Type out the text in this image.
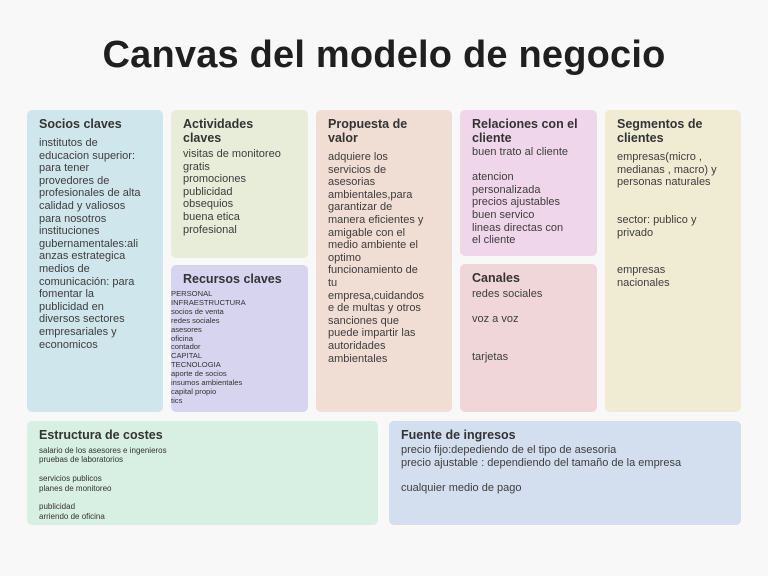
Canvas del modelo de negocio
Socios claves
institutos de
educacion superior:
para tener
provedores de
profesionales de alta
calidad y valiosos
para nosotros
instituciones
gubernamentales:ali
anzas estrategica
medios de
comunicación: para
fomentar la
publicidad en
diversos sectores
empresariales y
economicos
Actividades
claves
visitas de monitoreo
gratis
promociones
publicidad
obsequios
buena etica
profesional
Recursos claves
PERSONAL
INFRAESTRUCTURA
socios de venta
redes sociales
asesores
oficina
contador
CAPITAL
TECNOLOGIA
aporte de socios
insumos ambientales
capital propio
tics
Propuesta de
valor
adquiere los
servicios de
asesorias
ambientales,para
garantizar de
manera eficientes y
amigable con el
medio ambiente el
optimo
funcionamiento de
tu
empresa,cuidandos
e de multas y otros
sanciones que
puede impartir las
autoridades
ambientales
Relaciones con el
cliente
buen trato al cliente

atencion
personalizada
precios ajustables
buen servico
lineas directas con
el cliente
Canales
redes sociales

voz a voz

tarjetas
Segmentos de
clientes
empresas(micro ,
medianas , macro) y
personas naturales

sector: publico y
privado

empresas
nacionales
Estructura de costes
salario de los asesores e ingenieros
pruebas de laboratorios

servicios publicos
planes de monitoreo

publicidad
arriendo de oficina
Fuente de ingresos
precio fijo:depediendo de el tipo de asesoria
precio ajustable : dependiendo del tamaño de la empresa

cualquier medio de pago
